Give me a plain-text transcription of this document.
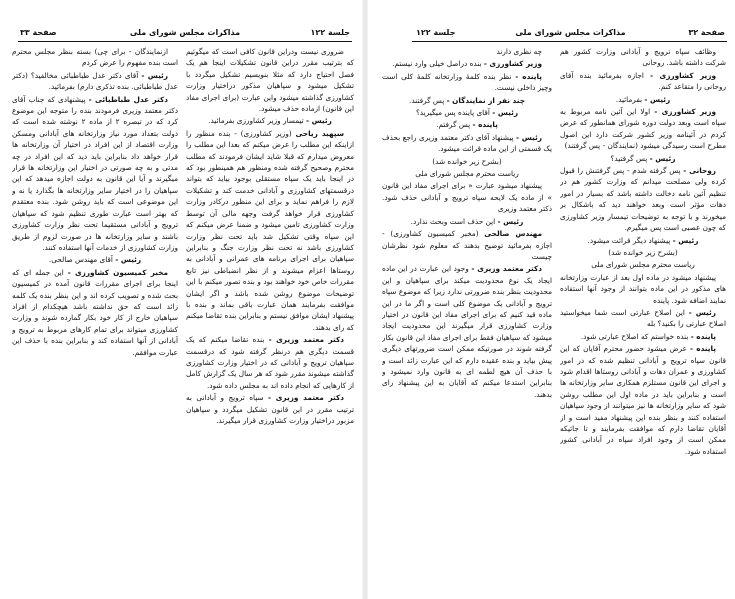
جلسة ۱۲۲
مذاکرات مجلس شورای ملی
صفحة ۳۳

ضروری نیست ودراین قانون کافی است که میگوئیم که بترتیب مقرر دراین قانون تشکیلات اینجا هم یک فصل احتیاج دارد که مثلا بنویسیم تشکیل میگردد با تشکیل میشود و سپاهیان مذکور دراختیار وزارت کشاورزی گذاشته میشود واین عبارت (برای اجرای مفاد این قانون) ازماده حذف میشود.

رئیس - تیمسار وزیر کشاورزی بفرمائید.

سپهبد ریاحی (وزیر کشاورزی) - بنده منظور را ازاینکه این مطلب را عرض میکنم که بعدا این مطلب را معروض میدارم که قبلا شاید ایشان فرمودند که مطلب محترم وصحیح گرفته شده ومنظور هم همینطور بود که در اینجا باید یک سپاه مستقلی بوجود بیاید که بتواند درقسمتهای کشاورزی و آبادانی خدمت کند و تشکیلات لازم را فراهم نماید و برای این منظور درکادر وزارت کشاورزی قرار خواهد گرفت وجهه مالی آن توسط وزارت کشاورزی تامین میشود و ضمنا عرض میکنم که این سپاه وقتی تشکیل شد باید تحت نظر وزارت کشاورزی باشد نه تحت نظر وزارت جنگ و بنابراین سپاهیان برای اجرای برنامه های عمرانی و آبادانی به روستاها اعزام میشوند و از نظر انضباطی نیز تابع مقررات خاص خود خواهند بود و بنده تصور میکنم با این توضیحات موضوع روشن شده باشد و اگر ایشان موافقت بفرمایند همان عبارت باقی بماند و بنده با پیشنهاد ایشان موافق نیستم و بنابراین بنده تقاضا میکنم که رای بدهند.

دکتر معتمد وزیری - بنده تقاضا میکنم که یک قسمت دیگری هم درنظر گرفته شود که درقسمت سپاهیان ترویج و آبادانی که در اختیار وزارت کشاورزی گذاشته میشوند مقرر شود که هر سال یک گزارش کامل از کارهایی که انجام داده اند به مجلس داده شود.

دکتر معتمد وزیری - سپاه ترویج و آبادانی به ترتیب مقرر در این قانون تشکیل میگردد و سپاهیان مزبور دراختیار وزارت کشاورزی قرار میگیرند.

ازنمایندگان - برای چی) بسته بنظر مجلس محترم است بنده مفهوم را عرض کردم

رئیس - آقای دکتر عدل طباطبائی مخالفید؟ (دکتر عدل طباطبائی. بنده تذکری دارم) بفرمائید.

دکتر عدل طباطبائی - پیشنهادی که جناب آقای دکتر معتمد وزیری فرمودند بنده را متوجه این موضوع کرد که در تبصره ۲ از ماده ۲ نوشته شده است که دولت بتعداد مورد نیاز وزارتخانه های آبادانی ومسکن وزارت اقتصاد از این افراد در اختیار آن وزارتخانه ها قرار خواهد داد بنابراین باید دید که این افراد در چه مدتی و به چه صورتی در اختیار این وزارتخانه ها قرار میگیرند و آیا این قانون به دولت اجازه میدهد که این سپاهیان را در اختیار سایر وزارتخانه ها بگذارد یا نه و این موضوعی است که باید روشن شود. بنده معتقدم که بهتر است عبارت طوری تنظیم شود که سپاهیان ترویج و آبادانی مستقیما تحت نظر وزارت کشاورزی باشند و سایر وزارتخانه ها در صورت لزوم از طریق وزارت کشاورزی از خدمات آنها استفاده کنند.

رئیس - آقای مهندس صالحی.

مخبر کمیسیون کشاورزی - این جمله ای که اینجا برای اجرای مقررات قانون آمده در کمیسیون بحث شده و تصویب کرده اند و این بنظر بنده یک کلمه زائد است که حق نداشته باشد هیچکدام از افراد سپاهیان خارج از کار خود بکار گمارده شوند و وزارت کشاورزی میتواند برای تمام کارهای مربوط به ترویج و آبادانی از آنها استفاده کند و بنابراین بنده با حذف این عبارت موافقم.

جلسة ۱۲۲	مذاکرات مجلس شورای ملی	صفحة ۳۲

چه نظری دارند

وزیر کشاورزی - بنده دراصل خیلی وارد نیستم.

پاینده - نظر بنده کلمهٔ وزارتخانه کلمهٔ کلی است وچیز داخلی نیست.

چند نفر از نمایندگان - پس گرفتند.

رئیس - آقای پاینده پس میگیرید؟

پاینده - پس گرفتم.

رئیس - پیشنهاد آقای دکتر معتمد وزیری راجع بحذف یک قسمتی از این ماده قرائت میشود.

(بشرح زیر خوانده شد)

ریاست محترم مجلس شورای ملی

پیشنهاد میشود عبارت « برای اجرای مفاد این قانون » از ماده یک لایحه سپاه ترویج و آبادانی حذف شود. دکتر معتمد وزیری

رئیس - این حذف است وبحث ندارد.

مهندس صالحی (مخبر کمیسیون کشاورزی) - اجازه بفرمائید توضیح بدهند که معلوم شود نظرشان چیست

دکتر معتمد وزیری - وجود این عبارت در این ماده ایجاد یک نوع محدودیت میکند برای سپاهیان و این محدودیت بنظر بنده ضرورتی ندارد زیرا که موضوع سپاه ترویج و آبادانی یک موضوع کلی است و اگر ما در این ماده قید کنیم که برای اجرای مفاد این قانون در اختیار وزارت کشاورزی قرار میگیرند این محدودیت ایجاد میشود که سپاهیان فقط برای اجرای مفاد این قانون بکار گرفته شوند در صورتیکه ممکن است ضرورتهای دیگری پیش بیاید و بنده عقیده دارم که این عبارت زائد است و با حذف آن هیچ لطمه ای به قانون وارد نمیشود و بنابراین استدعا میکنم که آقایان به این پیشنهاد رای بدهند.

وظائف سپاه ترویج و آبادانی وزارت کشور هم شرکت داشته باشد. روحانی

وزیر کشاورزی - اجازه بفرمائید بنده آقای روحانی را متقاعد کنم.

رئیس - بفرمائید.

وزیر کشاورزی - اولا این آئین نامه مربوط به سپاه است وبعد دولت دوره شورای همانطور که عرض کردم در آئینامه وزیر کشور شرکت دارد این اصول مطرح است رسیدگی میشود (نمایندگان - پس گرفتند)

رئیس - پس گرفتید؟

روحانی - پس گرفته شدم - پس گرفتنش را قبول کرده ولی مصلحت میدانم که وزارت کشور هم در تنظیم آئین نامه دخالت داشته باشد که بسیار در امور دهات مؤثر است وبعد خواهند دید که باشکال بر میخورند و با توجه به توضیحات تیمسار وزیر کشاورزی که چون عصبی است پس میگیرم.

رئیس - پیشنهاد دیگر قرائت میشود.

(بشرح زیر خوانده شد)

ریاست محترم مجلس شورای ملی

پیشنهاد میشود در ماده اول بعد از عبارت وزارتخانه های مذکور در این ماده بتوانند از وجود آنها استفاده نمایند اضافه شود. پاینده

رئیس - این اصلاح عبارتی است شما میخواستید اصلاح عبارتی را بکنید؟ بله

پاینده - بنده خواستم که اصلاح عبارتی شود.

پاینده - عرض میشود حضور محترم آقایان که این قانون سپاه ترویج و آبادانی تنظیم شده که در امور کشاورزی و عمران دهات و آبادانی روستاها اقدام شود و اجرای این قانون مستلزم همکاری سایر وزارتخانه ها است و بنابراین باید در ماده اول این مطلب روشن شود که سایر وزارتخانه ها نیز میتوانند از وجود سپاهیان استفاده کنند و بنظر بنده این پیشنهاد مفید است و از آقایان تقاضا دارم که موافقت بفرمایند و تا جائیکه ممکن است از وجود افراد سپاه در آبادانی کشور استفاده شود.
